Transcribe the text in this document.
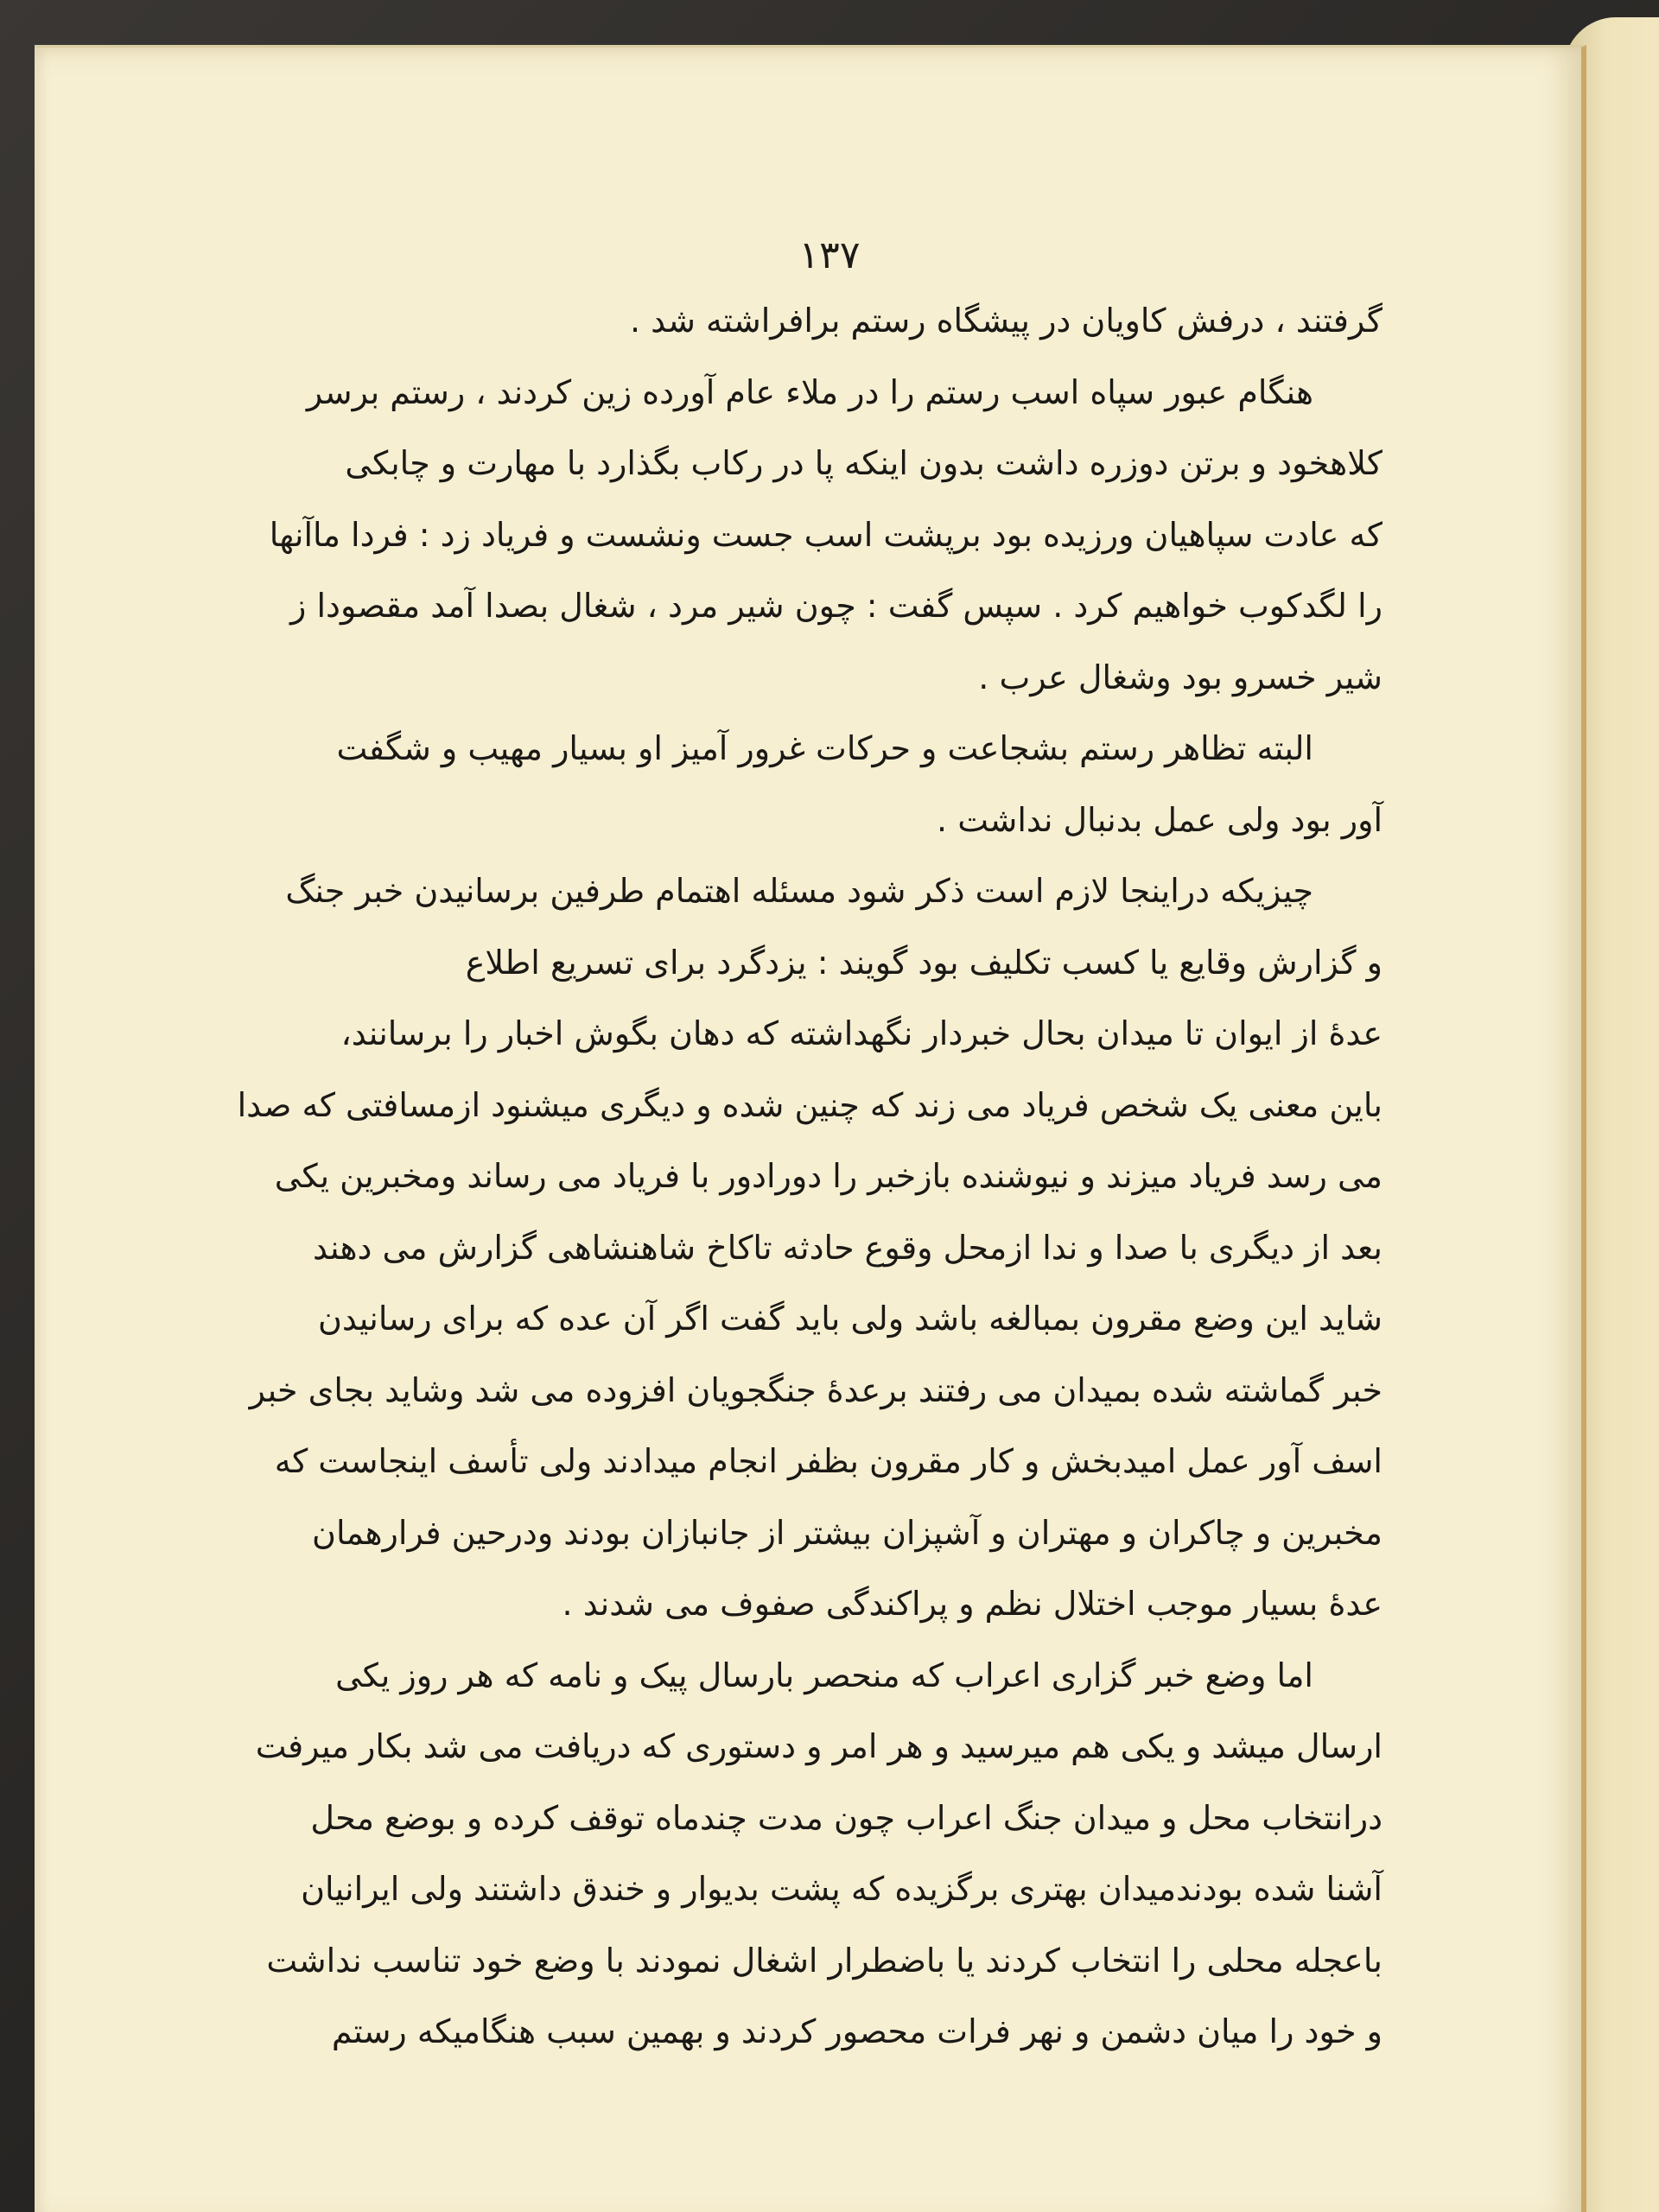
١٣٧
گرفتند ، درفش کاویان در پیشگاه رستم برافراشته شد .
هنگام عبور سپاه اسب رستم را در ملاء عام آورده زین کردند ، رستم برسر
کلاهخود و برتن دوزره داشت بدون اینکه پا در رکاب بگذارد با مهارت و چابکی
که عادت سپاهیان ورزیده بود برپشت اسب جست ونشست و فریاد زد : فردا ماآنها
را لگدکوب خواهیم کرد . سپس گفت : چون شیر مرد ، شغال بصدا آمد مقصودا ز
شیر خسرو بود وشغال عرب .
البته تظاهر رستم بشجاعت و حرکات غرور آمیز او بسیار مهیب و شگفت
آور بود ولی عمل بدنبال نداشت .
چیزیکه دراینجا لازم است ذکر شود مسئله اهتمام طرفین برسانیدن خبر جنگ
و گزارش وقایع یا کسب تکلیف بود گویند : یزدگرد برای تسریع اطلاع
عدهٔ از ایوان تا میدان بحال خبردار نگهداشته که دهان بگوش اخبار را برسانند،
باین معنی یک شخص فریاد می زند که چنین شده و دیگری میشنود ازمسافتی که صدا
می رسد فریاد میزند و نیوشنده بازخبر را دورادور با فریاد می رساند ومخبرین یکی
بعد از دیگری با صدا و ندا ازمحل وقوع حادثه تاکاخ شاهنشاهی گزارش می دهند
شاید این وضع مقرون بمبالغه باشد ولی باید گفت اگر آن عده که برای رسانیدن
خبر گماشته شده بمیدان می رفتند برعدهٔ جنگجویان افزوده می شد وشاید بجای خبر
اسف آور عمل امیدبخش و کار مقرون بظفر انجام میدادند ولی تأسف اینجاست که
مخبرین و چاکران و مهتران و آشپزان بیشتر از جانبازان بودند ودرحین فرارهمان
عدهٔ بسیار موجب اختلال نظم و پراکندگی صفوف می شدند .
اما وضع خبر گزاری اعراب که منحصر بارسال پیک و نامه که هر روز یکی
ارسال میشد و یکی هم میرسید و هر امر و دستوری که دریافت می شد بکار میرفت
درانتخاب محل و میدان جنگ اعراب چون مدت چندماه توقف کرده و بوضع محل
آشنا شده بودندمیدان بهتری برگزیده که پشت بدیوار و خندق داشتند ولی ایرانیان
باعجله محلی را انتخاب کردند یا باضطرار اشغال نمودند با وضع خود تناسب نداشت
و خود را میان دشمن و نهر فرات محصور کردند و بهمین سبب هنگامیکه رستم
